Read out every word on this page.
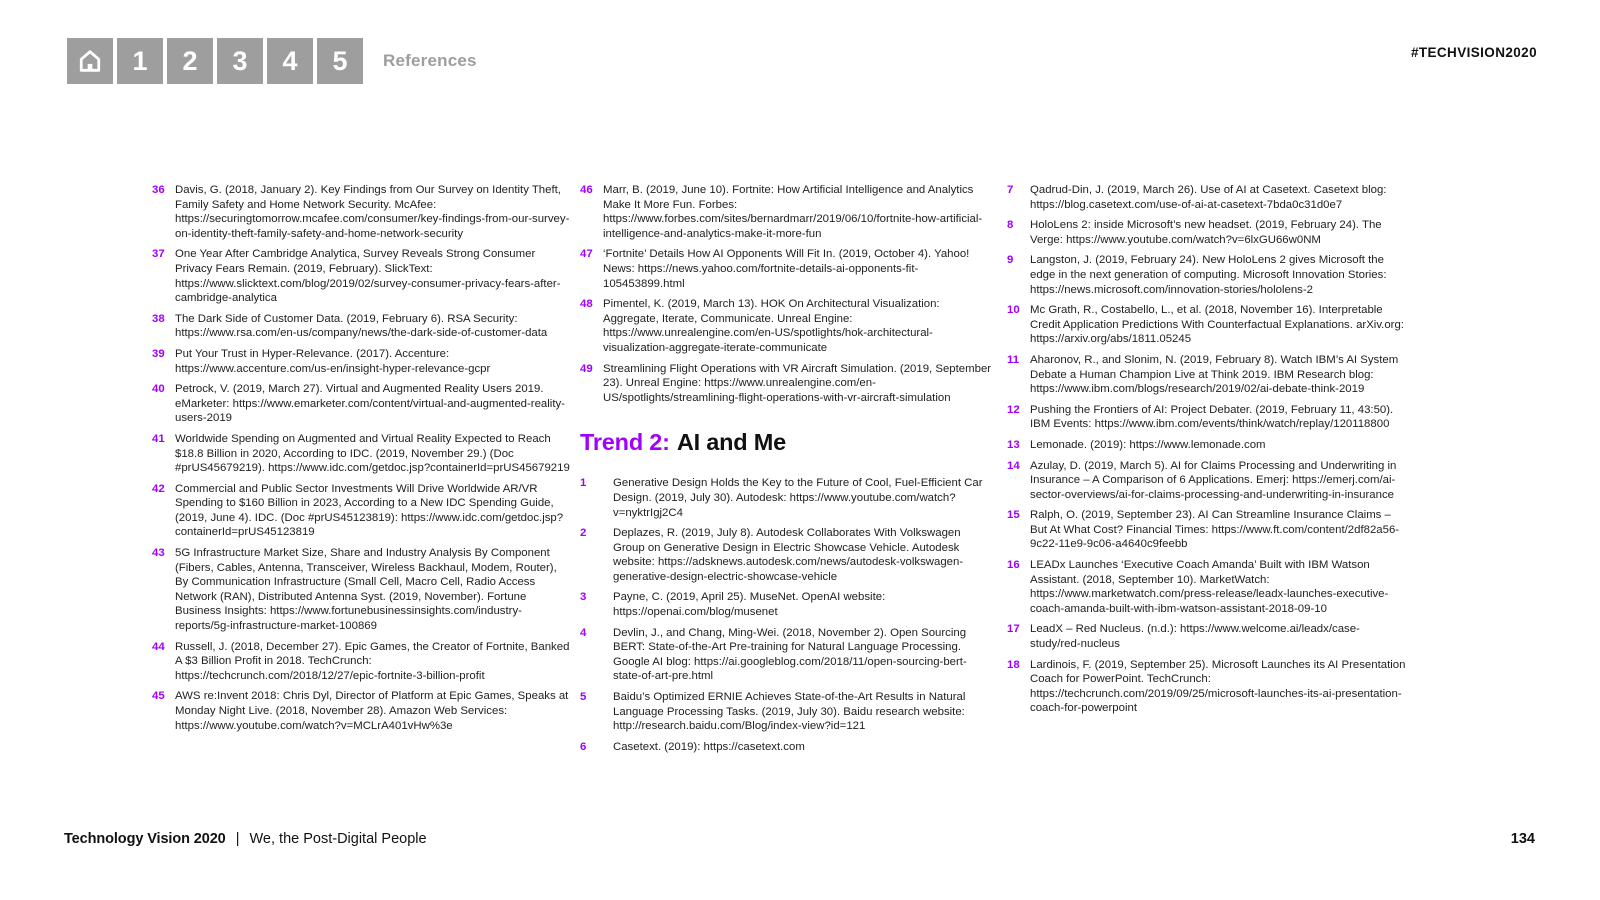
1	2	3	4	5	References	#TECHVISION2020
36 Davis, G. (2018, January 2). Key Findings from Our Survey on Identity Theft, Family Safety and Home Network Security. McAfee: https://securingtomorrow.mcafee.com/consumer/key-findings-from-our-survey-on-identity-theft-family-safety-and-home-network-security
37 One Year After Cambridge Analytica, Survey Reveals Strong Consumer Privacy Fears Remain. (2019, February). SlickText: https://www.slicktext.com/blog/2019/02/survey-consumer-privacy-fears-after-cambridge-analytica
38 The Dark Side of Customer Data. (2019, February 6). RSA Security: https://www.rsa.com/en-us/company/news/the-dark-side-of-customer-data
39 Put Your Trust in Hyper-Relevance. (2017). Accenture: https://www.accenture.com/us-en/insight-hyper-relevance-gcpr
40 Petrock, V. (2019, March 27). Virtual and Augmented Reality Users 2019. eMarketer: https://www.emarketer.com/content/virtual-and-augmented-reality-users-2019
41 Worldwide Spending on Augmented and Virtual Reality Expected to Reach $18.8 Billion in 2020, According to IDC. (2019, November 29.) (Doc #prUS45679219). https://www.idc.com/getdoc.jsp?containerId=prUS45679219
42 Commercial and Public Sector Investments Will Drive Worldwide AR/VR Spending to $160 Billion in 2023, According to a New IDC Spending Guide, (2019, June 4). IDC. (Doc #prUS45123819): https://www.idc.com/getdoc.jsp?containerId=prUS45123819
43 5G Infrastructure Market Size, Share and Industry Analysis By Component (Fibers, Cables, Antenna, Transceiver, Wireless Backhaul, Modem, Router), By Communication Infrastructure (Small Cell, Macro Cell, Radio Access Network (RAN), Distributed Antenna Syst. (2019, November). Fortune Business Insights: https://www.fortunebusinessinsights.com/industry-reports/5g-infrastructure-market-100869
44 Russell, J. (2018, December 27). Epic Games, the Creator of Fortnite, Banked A $3 Billion Profit in 2018. TechCrunch: https://techcrunch.com/2018/12/27/epic-fortnite-3-billion-profit
45 AWS re:Invent 2018: Chris Dyl, Director of Platform at Epic Games, Speaks at Monday Night Live. (2018, November 28). Amazon Web Services: https://www.youtube.com/watch?v=MCLrA401vHw%3e
46 Marr, B. (2019, June 10). Fortnite: How Artificial Intelligence and Analytics Make It More Fun. Forbes: https://www.forbes.com/sites/bernardmarr/2019/06/10/fortnite-how-artificial-intelligence-and-analytics-make-it-more-fun
47 ‘Fortnite’ Details How AI Opponents Will Fit In. (2019, October 4). Yahoo! News: https://news.yahoo.com/fortnite-details-ai-opponents-fit-105453899.html
48 Pimentel, K. (2019, March 13). HOK On Architectural Visualization: Aggregate, Iterate, Communicate. Unreal Engine: https://www.unrealengine.com/en-US/spotlights/hok-architectural-visualization-aggregate-iterate-communicate
49 Streamlining Flight Operations with VR Aircraft Simulation. (2019, September 23). Unreal Engine: https://www.unrealengine.com/en-US/spotlights/streamlining-flight-operations-with-vr-aircraft-simulation
Trend 2: AI and Me
1	Generative Design Holds the Key to the Future of Cool, Fuel-Efficient Car Design. (2019, July 30). Autodesk: https://www.youtube.com/watch?v=nyktrIgj2C4
2	Deplazes, R. (2019, July 8). Autodesk Collaborates With Volkswagen Group on Generative Design in Electric Showcase Vehicle. Autodesk website: https://adsknews.autodesk.com/news/autodesk-volkswagen-generative-design-electric-showcase-vehicle
3	Payne, C. (2019, April 25). MuseNet. OpenAI website: https://openai.com/blog/musenet
4	Devlin, J., and Chang, Ming-Wei. (2018, November 2). Open Sourcing BERT: State-of-the-Art Pre-training for Natural Language Processing. Google AI blog: https://ai.googleblog.com/2018/11/open-sourcing-bert-state-of-art-pre.html
5	Baidu’s Optimized ERNIE Achieves State-of-the-Art Results in Natural Language Processing Tasks. (2019, July 30). Baidu research website: http://research.baidu.com/Blog/index-view?id=121
6	Casetext. (2019): https://casetext.com
7	Qadrud-Din, J. (2019, March 26). Use of AI at Casetext. Casetext blog: https://blog.casetext.com/use-of-ai-at-casetext-7bda0c31d0e7
8	HoloLens 2: inside Microsoft’s new headset. (2019, February 24). The Verge: https://www.youtube.com/watch?v=6lxGU66w0NM
9	Langston, J. (2019, February 24). New HoloLens 2 gives Microsoft the edge in the next generation of computing. Microsoft Innovation Stories: https://news.microsoft.com/innovation-stories/hololens-2
10 Mc Grath, R., Costabello, L., et al. (2018, November 16). Interpretable Credit Application Predictions With Counterfactual Explanations. arXiv.org: https://arxiv.org/abs/1811.05245
11 Aharonov, R., and Slonim, N. (2019, February 8). Watch IBM’s AI System Debate a Human Champion Live at Think 2019. IBM Research blog: https://www.ibm.com/blogs/research/2019/02/ai-debate-think-2019
12 Pushing the Frontiers of AI: Project Debater. (2019, February 11, 43:50). IBM Events: https://www.ibm.com/events/think/watch/replay/120118800
13 Lemonade. (2019): https://www.lemonade.com
14 Azulay, D. (2019, March 5). AI for Claims Processing and Underwriting in Insurance – A Comparison of 6 Applications. Emerj: https://emerj.com/ai-sector-overviews/ai-for-claims-processing-and-underwriting-in-insurance
15 Ralph, O. (2019, September 23). AI Can Streamline Insurance Claims – But At What Cost? Financial Times: https://www.ft.com/content/2df82a56-9c22-11e9-9c06-a4640c9feebb
16 LEADx Launches ‘Executive Coach Amanda’ Built with IBM Watson Assistant. (2018, September 10). MarketWatch: https://www.marketwatch.com/press-release/leadx-launches-executive-coach-amanda-built-with-ibm-watson-assistant-2018-09-10
17 LeadX – Red Nucleus. (n.d.): https://www.welcome.ai/leadx/case-study/red-nucleus
18 Lardinois, F. (2019, September 25). Microsoft Launches its AI Presentation Coach for PowerPoint. TechCrunch: https://techcrunch.com/2019/09/25/microsoft-launches-its-ai-presentation-coach-for-powerpoint
Technology Vision 2020 | We, the Post-Digital People	134
